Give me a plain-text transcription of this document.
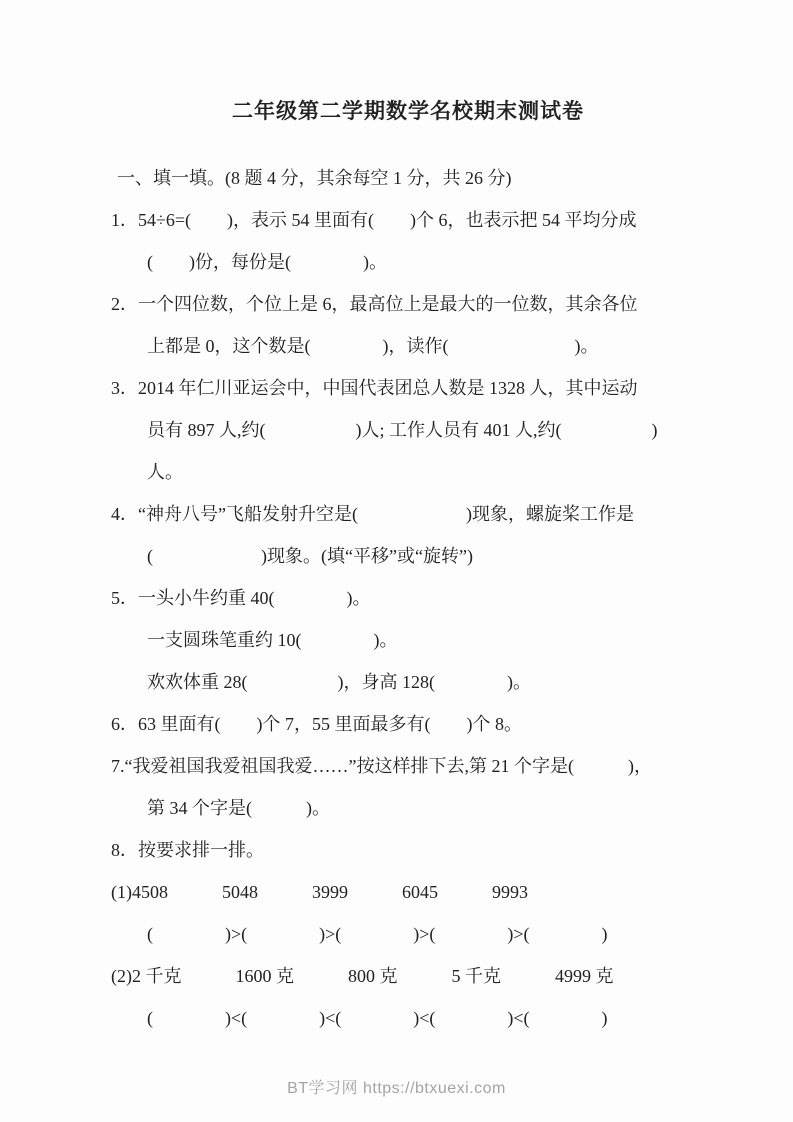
二年级第二学期数学名校期末测试卷
一、填一填。(8 题 4 分，其余每空 1 分，共 26 分)
1．54÷6=(　　)，表示 54 里面有(　　)个 6，也表示把 54 平均分成
(　　)份，每份是(　　　　)。
2．一个四位数，个位上是 6，最高位上是最大的一位数，其余各位
上都是 0，这个数是(　　　　)，读作(　　　　　　　)。
3．2014 年仁川亚运会中，中国代表团总人数是 1328 人，其中运动
员有 897 人,约(　　　　　)人; 工作人员有 401 人,约(　　　　　)
人。
4．“神舟八号”飞船发射升空是(　　　　　　)现象，螺旋桨工作是
(　　　　　　)现象。(填“平移”或“旋转”)
5．一头小牛约重 40(　　　　)。
一支圆珠笔重约 10(　　　　)。
欢欢体重 28(　　　　　)，身高 128(　　　　)。
6．63 里面有(　　)个 7，55 里面最多有(　　)个 8。
7.“我爱祖国我爱祖国我爱……”按这样排下去,第 21 个字是(　　　)，
第 34 个字是(　　　)。
8．按要求排一排。
(1)4508　　　5048　　　3999　　　6045　　　9993
(　　　　)>(　　　　)>(　　　　)>(　　　　)>(　　　　)
(2)2 千克　　　1600 克　　　800 克　　　5 千克　　　4999 克
(　　　　)<(　　　　)<(　　　　)<(　　　　)<(　　　　)
BT学习网 https://btxuexi.com
